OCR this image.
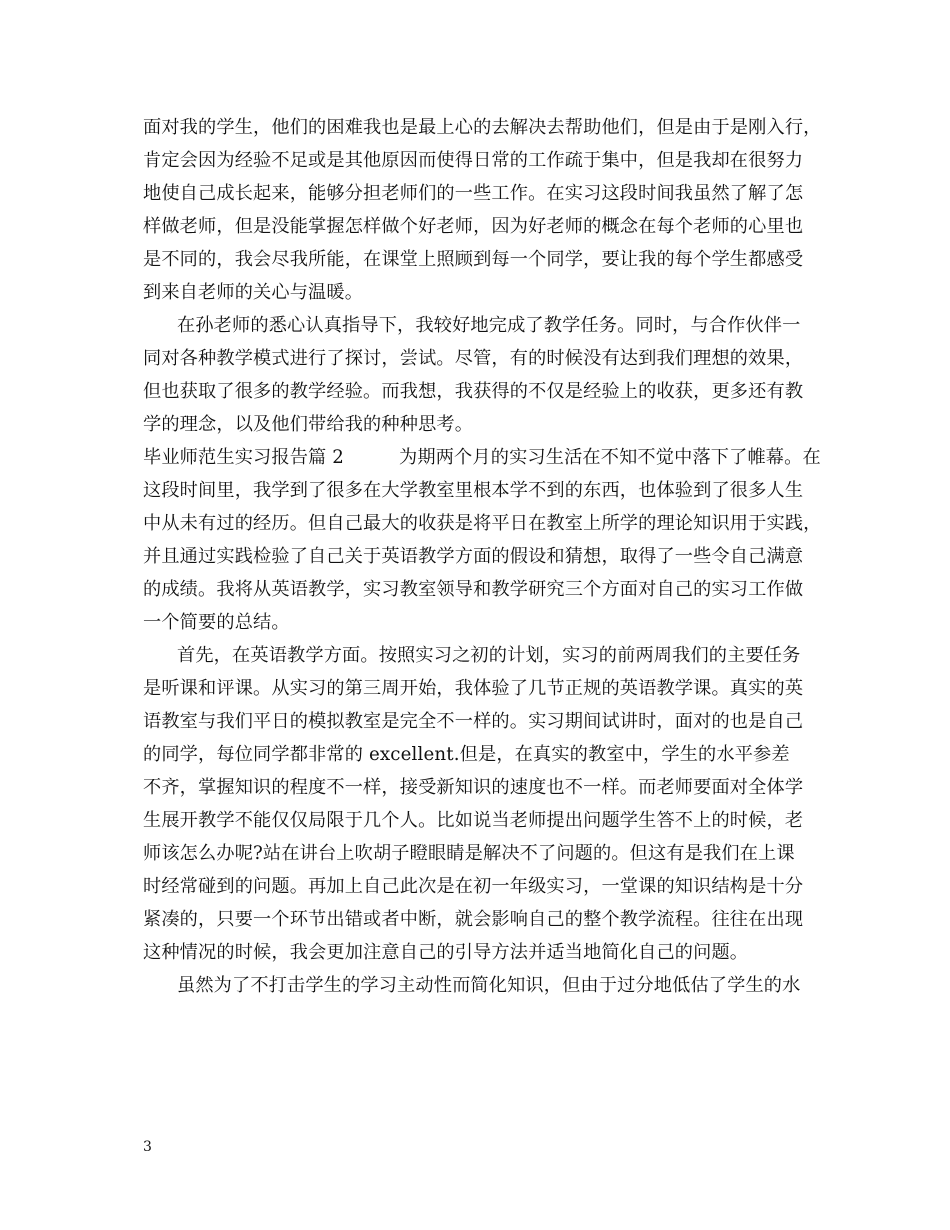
面对我的学生，他们的困难我也是最上心的去解决去帮助他们，但是由于是刚入行，
肯定会因为经验不足或是其他原因而使得日常的工作疏于集中，但是我却在很努力
地使自己成长起来，能够分担老师们的一些工作。在实习这段时间我虽然了解了怎
样做老师，但是没能掌握怎样做个好老师，因为好老师的概念在每个老师的心里也
是不同的，我会尽我所能，在课堂上照顾到每一个同学，要让我的每个学生都感受
到来自老师的关心与温暖。
在孙老师的悉心认真指导下，我较好地完成了教学任务。同时，与合作伙伴一
同对各种教学模式进行了探讨，尝试。尽管，有的时候没有达到我们理想的效果，
但也获取了很多的教学经验。而我想，我获得的不仅是经验上的收获，更多还有教
学的理念，以及他们带给我的种种思考。
毕业师范生实习报告篇 2　　　为期两个月的实习生活在不知不觉中落下了帷幕。在
这段时间里，我学到了很多在大学教室里根本学不到的东西，也体验到了很多人生
中从未有过的经历。但自己最大的收获是将平日在教室上所学的理论知识用于实践，
并且通过实践检验了自己关于英语教学方面的假设和猜想，取得了一些令自己满意
的成绩。我将从英语教学，实习教室领导和教学研究三个方面对自己的实习工作做
一个简要的总结。
首先，在英语教学方面。按照实习之初的计划，实习的前两周我们的主要任务
是听课和评课。从实习的第三周开始，我体验了几节正规的英语教学课。真实的英
语教室与我们平日的模拟教室是完全不一样的。实习期间试讲时，面对的也是自己
的同学，每位同学都非常的 excellent.但是，在真实的教室中，学生的水平参差
不齐，掌握知识的程度不一样，接受新知识的速度也不一样。而老师要面对全体学
生展开教学不能仅仅局限于几个人。比如说当老师提出问题学生答不上的时候，老
师该怎么办呢?站在讲台上吹胡子瞪眼睛是解决不了问题的。但这有是我们在上课
时经常碰到的问题。再加上自己此次是在初一年级实习，一堂课的知识结构是十分
紧凑的，只要一个环节出错或者中断，就会影响自己的整个教学流程。往往在出现
这种情况的时候，我会更加注意自己的引导方法并适当地简化自己的问题。
虽然为了不打击学生的学习主动性而简化知识，但由于过分地低估了学生的水
3
